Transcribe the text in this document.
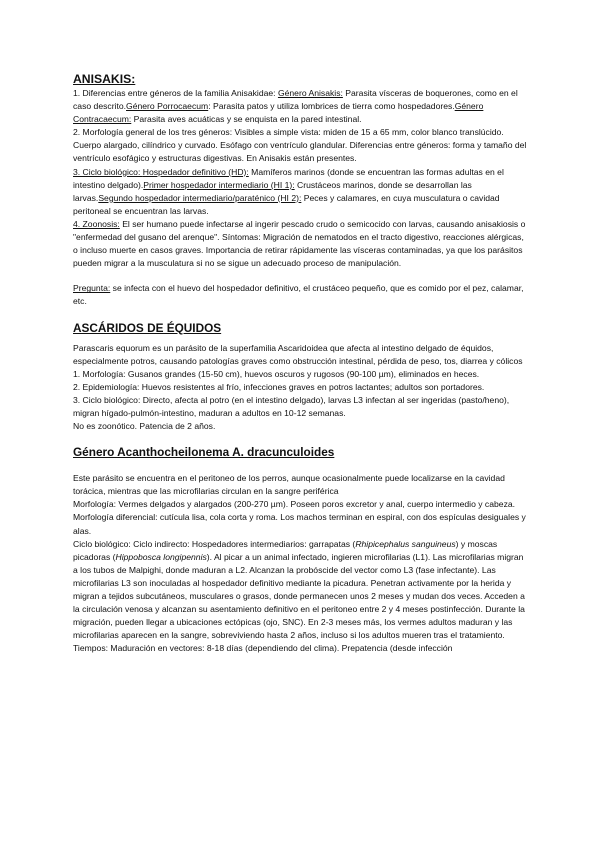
ANISAKIS:

1. Diferencias entre géneros de la familia Anisakidae: Género Anisakis: Parasita vísceras de boquerones, como en el caso descrito.Género Porrocaecum: Parasita patos y utiliza lombrices de tierra como hospedadores.Género Contracaecum: Parasita aves acuáticas y se enquista en la pared intestinal.

2. Morfología general de los tres géneros: Visibles a simple vista: miden de 15 a 65 mm, color blanco translúcido. Cuerpo alargado, cilíndrico y curvado. Esófago con ventrículo glandular. Diferencias entre géneros: forma y tamaño del ventrículo esofágico y estructuras digestivas. En Anisakis están presentes.

3. Ciclo biológico: Hospedador definitivo (HD): Mamíferos marinos (donde se encuentran las formas adultas en el intestino delgado).Primer hospedador intermediario (HI 1): Crustáceos marinos, donde se desarrollan las larvas.Segundo hospedador intermediario/paraténico (HI 2): Peces y calamares, en cuya musculatura o cavidad peritoneal se encuentran las larvas.

4. Zoonosis: El ser humano puede infectarse al ingerir pescado crudo o semicocido con larvas, causando anisakiosis o "enfermedad del gusano del arenque". Síntomas: Migración de nematodos en el tracto digestivo, reacciones alérgicas, o incluso muerte en casos graves. Importancia de retirar rápidamente las vísceras contaminadas, ya que los parásitos pueden migrar a la musculatura si no se sigue un adecuado proceso de manipulación.

Pregunta: se infecta con el huevo del hospedador definitivo, el crustáceo pequeño, que es comido por el pez, calamar, etc.

ASCÁRIDOS DE ÉQUIDOS

Parascaris equorum es un parásito de la superfamilia Ascaridoidea que afecta al intestino delgado de équidos, especialmente potros, causando patologías graves como obstrucción intestinal, pérdida de peso, tos, diarrea y cólicos

1. Morfología: Gusanos grandes (15-50 cm), huevos oscuros y rugosos (90-100 µm), eliminados en heces.

2. Epidemiología: Huevos resistentes al frío, infecciones graves en potros lactantes; adultos son portadores.

3. Ciclo biológico: Directo, afecta al potro (en el intestino delgado), larvas L3 infectan al ser ingeridas (pasto/heno), migran hígado-pulmón-intestino, maduran a adultos en 10-12 semanas.

No es zoonótico. Patencia de 2 años.

Género Acanthocheilonema A. dracunculoides

Este parásito se encuentra en el peritoneo de los perros, aunque ocasionalmente puede localizarse en la cavidad torácica, mientras que las microfilarias circulan en la sangre periférica

Morfología: Vermes delgados y alargados (200-270 µm). Poseen poros excretor y anal, cuerpo intermedio y cabeza. Morfología diferencial: cutícula lisa, cola corta y roma. Los machos terminan en espiral, con dos espículas desiguales y alas.

Ciclo biológico: Ciclo indirecto: Hospedadores intermediarios: garrapatas (Rhipicephalus sanguineus) y moscas picadoras (Hippobosca longipennis). Al picar a un animal infectado, ingieren microfilarias (L1). Las microfilarias migran a los tubos de Malpighi, donde maduran a L2. Alcanzan la probóscide del vector como L3 (fase infectante). Las microfilarias L3 son inoculadas al hospedador definitivo mediante la picadura. Penetran activamente por la herida y migran a tejidos subcutáneos, musculares o grasos, donde permanecen unos 2 meses y mudan dos veces. Acceden a la circulación venosa y alcanzan su asentamiento definitivo en el peritoneo entre 2 y 4 meses postinfección. Durante la migración, pueden llegar a ubicaciones ectópicas (ojo, SNC). En 2-3 meses más, los vermes adultos maduran y las microfilarias aparecen en la sangre, sobreviviendo hasta 2 años, incluso si los adultos mueren tras el tratamiento.

Tiempos: Maduración en vectores: 8-18 días (dependiendo del clima). Prepatencia (desde infección
